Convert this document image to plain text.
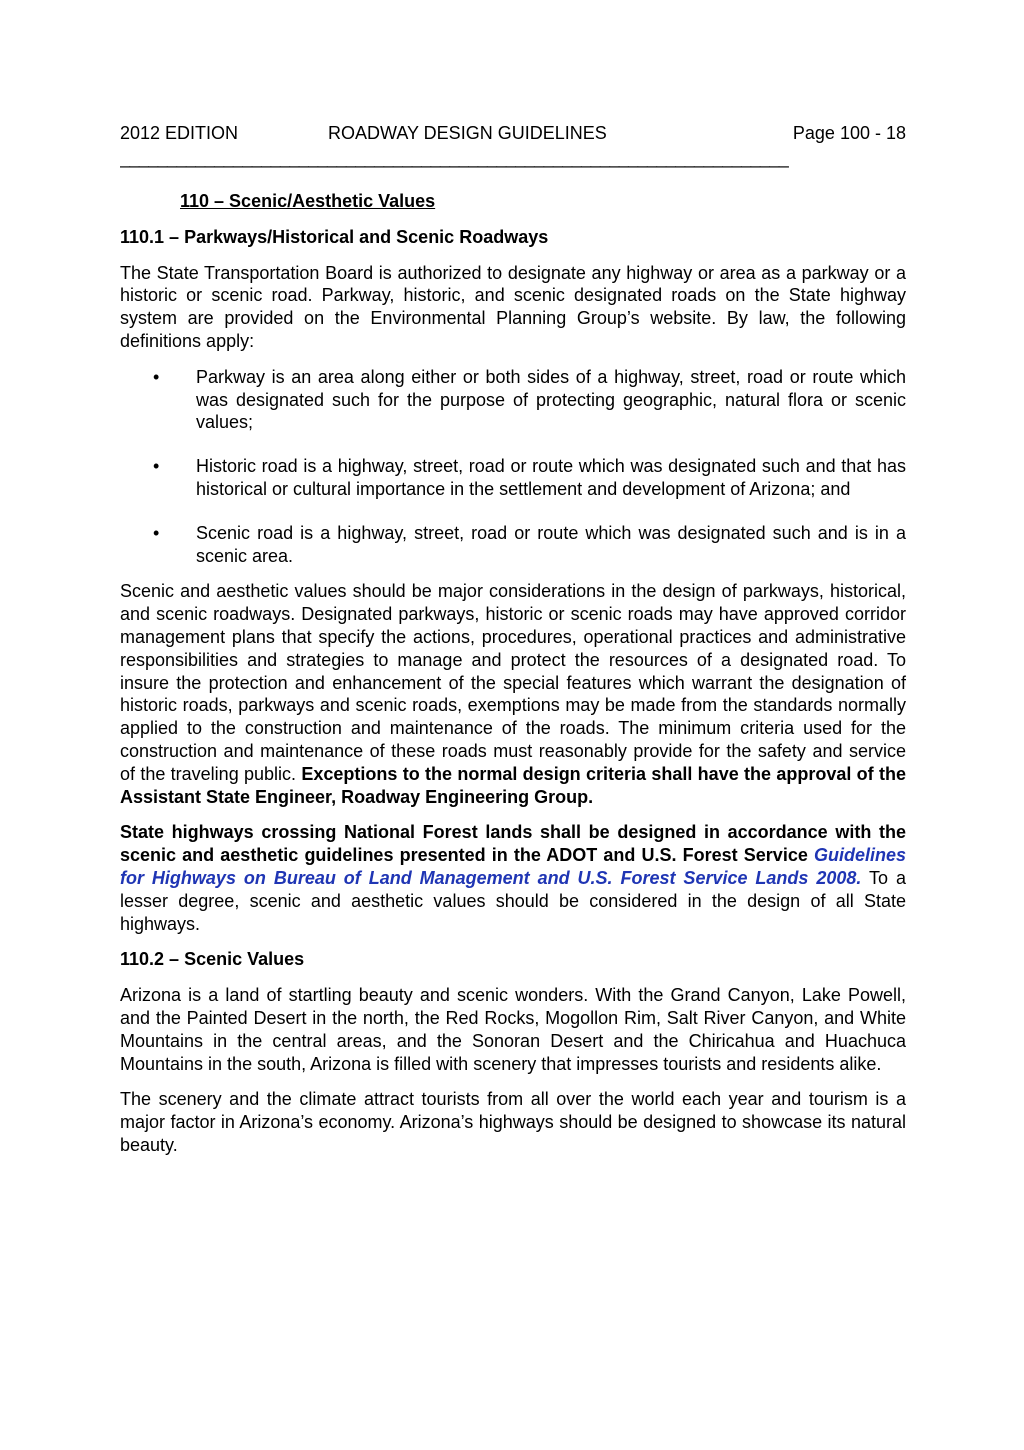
2012 EDITION	ROADWAY DESIGN GUIDELINES	Page 100 - 18
_______________________________________________________________________

110 – Scenic/Aesthetic Values

110.1 – Parkways/Historical and Scenic Roadways

The State Transportation Board is authorized to designate any highway or area as a parkway or a historic or scenic road. Parkway, historic, and scenic designated roads on the State highway system are provided on the Environmental Planning Group’s website. By law, the following definitions apply:

• Parkway is an area along either or both sides of a highway, street, road or route which was designated such for the purpose of protecting geographic, natural flora or scenic values;
• Historic road is a highway, street, road or route which was designated such and that has historical or cultural importance in the settlement and development of Arizona; and
• Scenic road is a highway, street, road or route which was designated such and is in a scenic area.

Scenic and aesthetic values should be major considerations in the design of parkways, historical, and scenic roadways. Designated parkways, historic or scenic roads may have approved corridor management plans that specify the actions, procedures, operational practices and administrative responsibilities and strategies to manage and protect the resources of a designated road. To insure the protection and enhancement of the special features which warrant the designation of historic roads, parkways and scenic roads, exemptions may be made from the standards normally applied to the construction and maintenance of the roads. The minimum criteria used for the construction and maintenance of these roads must reasonably provide for the safety and service of the traveling public. Exceptions to the normal design criteria shall have the approval of the Assistant State Engineer, Roadway Engineering Group.

State highways crossing National Forest lands shall be designed in accordance with the scenic and aesthetic guidelines presented in the ADOT and U.S. Forest Service Guidelines for Highways on Bureau of Land Management and U.S. Forest Service Lands 2008. To a lesser degree, scenic and aesthetic values should be considered in the design of all State highways.

110.2 – Scenic Values

Arizona is a land of startling beauty and scenic wonders. With the Grand Canyon, Lake Powell, and the Painted Desert in the north, the Red Rocks, Mogollon Rim, Salt River Canyon, and White Mountains in the central areas, and the Sonoran Desert and the Chiricahua and Huachuca Mountains in the south, Arizona is filled with scenery that impresses tourists and residents alike.

The scenery and the climate attract tourists from all over the world each year and tourism is a major factor in Arizona’s economy. Arizona’s highways should be designed to showcase its natural beauty.
